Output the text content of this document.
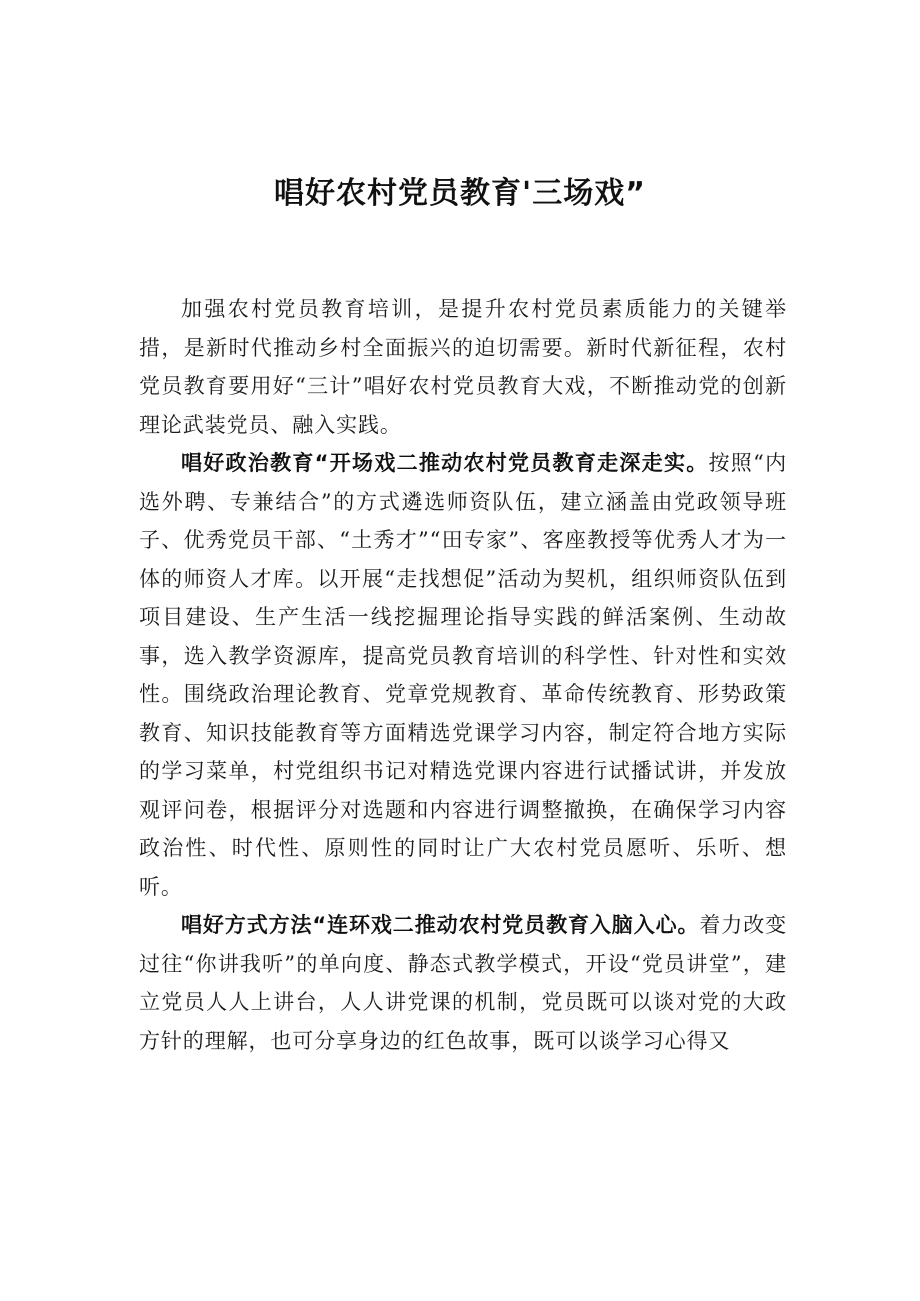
唱好农村党员教育'三场戏”

加强农村党员教育培训，是提升农村党员素质能力的关键举措，是新时代推动乡村全面振兴的迫切需要。新时代新征程，农村党员教育要用好“三计”唱好农村党员教育大戏，不断推动党的创新理论武装党员、融入实践。

唱好政治教育“开场戏二推动农村党员教育走深走实。按照“内选外聘、专兼结合”的方式遴选师资队伍，建立涵盖由党政领导班子、优秀党员干部、“土秀才”“田专家”、客座教授等优秀人才为一体的师资人才库。以开展“走找想促”活动为契机，组织师资队伍到项目建设、生产生活一线挖掘理论指导实践的鲜活案例、生动故事，选入教学资源库，提高党员教育培训的科学性、针对性和实效性。围绕政治理论教育、党章党规教育、革命传统教育、形势政策教育、知识技能教育等方面精选党课学习内容，制定符合地方实际的学习菜单，村党组织书记对精选党课内容进行试播试讲，并发放观评问卷，根据评分对选题和内容进行调整撤换，在确保学习内容政治性、时代性、原则性的同时让广大农村党员愿听、乐听、想听。

唱好方式方法“连环戏二推动农村党员教育入脑入心。着力改变过往“你讲我听”的单向度、静态式教学模式，开设“党员讲堂”，建立党员人人上讲台，人人讲党课的机制，党员既可以谈对党的大政方针的理解，也可分享身边的红色故事，既可以谈学习心得又
